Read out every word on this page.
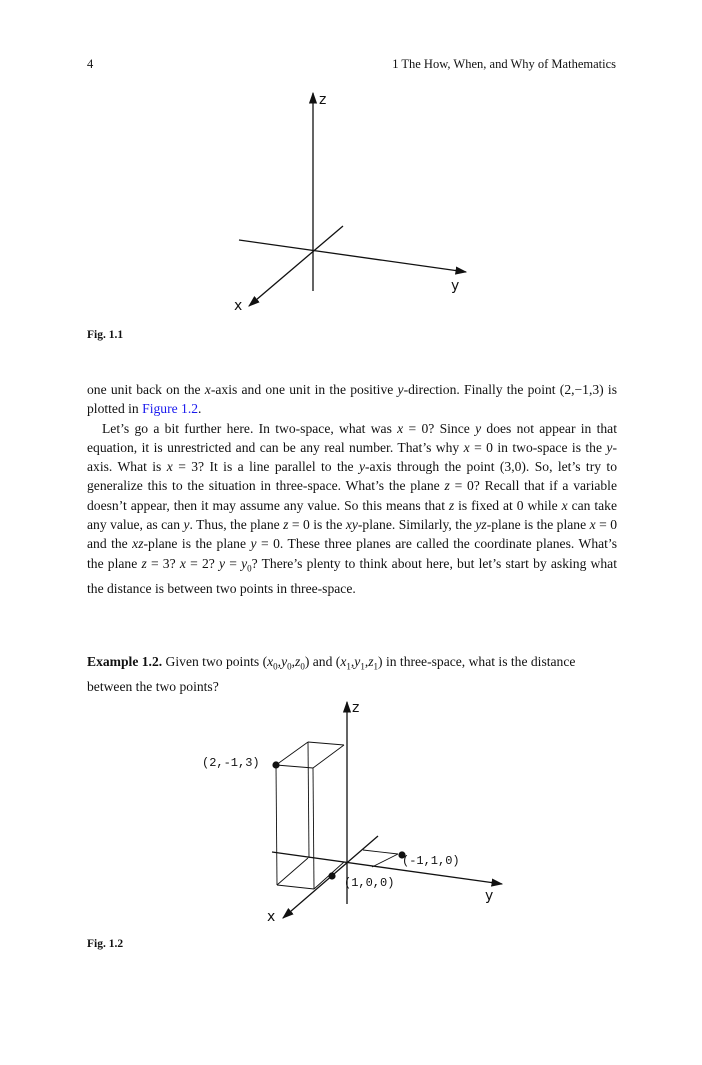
4	1 The How, When, and Why of Mathematics
z
y
x
Fig. 1.1

one unit back on the x-axis and one unit in the positive y-direction. Finally the point (2,−1,3) is plotted in Figure 1.2.

Let’s go a bit further here. In two-space, what was x = 0? Since y does not appear in that equation, it is unrestricted and can be any real number. That’s why x = 0 in two-space is the y-axis. What is x = 3? It is a line parallel to the y-axis through the point (3,0). So, let’s try to generalize this to the situation in three-space. What’s the plane z = 0? Recall that if a variable doesn’t appear, then it may assume any value. So this means that z is fixed at 0 while x can take any value, as can y. Thus, the plane z = 0 is the xy-plane. Similarly, the yz-plane is the plane x = 0 and the xz-plane is the plane y = 0. These three planes are called the coordinate planes. What’s the plane z = 3? x = 2? $y = y_0$? There’s plenty to think about here, but let’s start by asking what the distance is between two points in three-space.

Example 1.2. Given two points $(x_0,y_0,z_0)$ and $(x_1,y_1,z_1)$ in three-space, what is the distance between the two points?
z
y
x
(2,-1,3)
(-1,1,0)
(1,0,0)
Fig. 1.2
